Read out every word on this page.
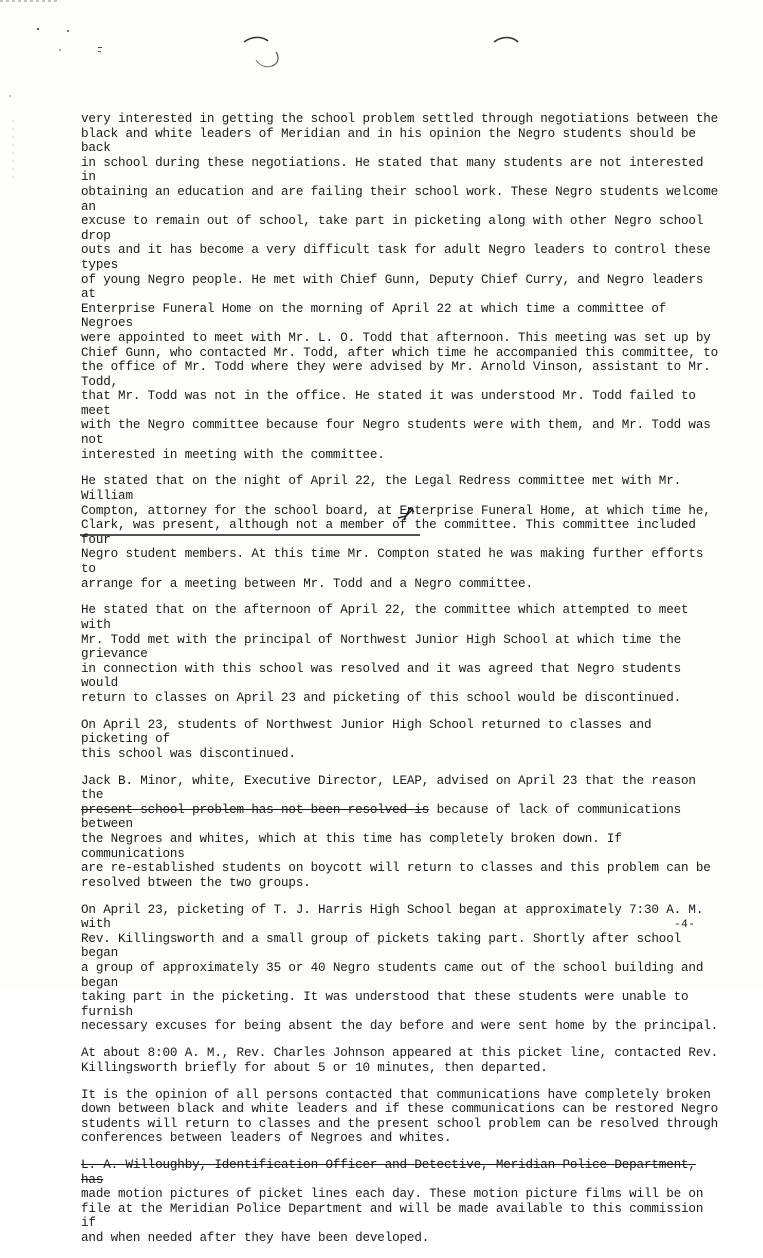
very interested in getting the school problem settled through negotiations between the
black and white leaders of Meridian and in his opinion the Negro students should be back
in school during these negotiations. He stated that many students are not interested in
obtaining an education and are failing their school work. These Negro students welcome an
excuse to remain out of school, take part in picketing along with other Negro school drop
outs and it has become a very difficult task for adult Negro leaders to control these types
of young Negro people. He met with Chief Gunn, Deputy Chief Curry, and Negro leaders at
Enterprise Funeral Home on the morning of April 22 at which time a committee of Negroes
were appointed to meet with Mr. L. O. Todd that afternoon. This meeting was set up by
Chief Gunn, who contacted Mr. Todd, after which time he accompanied this committee, to
the office of Mr. Todd where they were advised by Mr. Arnold Vinson, assistant to Mr. Todd,
that Mr. Todd was not in the office. He stated it was understood Mr. Todd failed to meet
with the Negro committee because four Negro students were with them, and Mr. Todd was not
interested in meeting with the committee.

He stated that on the night of April 22, the Legal Redress committee met with Mr. William
Compton, attorney for the school board, at Enterprise Funeral Home, at which time he,
Clark, was present, although not a member of the committee. This committee included four
Negro student members. At this time Mr. Compton stated he was making further efforts to
arrange for a meeting between Mr. Todd and a Negro committee.

He stated that on the afternoon of April 22, the committee which attempted to meet with
Mr. Todd met with the principal of Northwest Junior High School at which time the grievance
in connection with this school was resolved and it was agreed that Negro students would
return to classes on April 23 and picketing of this school would be discontinued.

On April 23, students of Northwest Junior High School returned to classes and picketing of
this school was discontinued.

Jack B. Minor, white, Executive Director, LEAP, advised on April 23 that the reason the
present school problem has not been resolved is because of lack of communications between
the Negroes and whites, which at this time has completely broken down. If communications
are re-established students on boycott will return to classes and this problem can be
resolved btween the two groups.

On April 23, picketing of T. J. Harris High School began at approximately 7:30 A. M. with
Rev. Killingsworth and a small group of pickets taking part. Shortly after school began
a group of approximately 35 or 40 Negro students came out of the school building and began
taking part in the picketing. It was understood that these students were unable to furnish
necessary excuses for being absent the day before and were sent home by the principal.

At about 8:00 A. M., Rev. Charles Johnson appeared at this picket line, contacted Rev.
Killingsworth briefly for about 5 or 10 minutes, then departed.

It is the opinion of all persons contacted that communications have completely broken
down between black and white leaders and if these communications can be restored Negro
students will return to classes and the present school problem can be resolved through
conferences between leaders of Negroes and whites.

L. A. Willoughby, Identification Officer and Detective, Meridian Police Department, has
made motion pictures of picket lines each day. These motion picture films will be on
file at the Meridian Police Department and will be made available to this commission if
and when needed after they have been developed.

-4-
